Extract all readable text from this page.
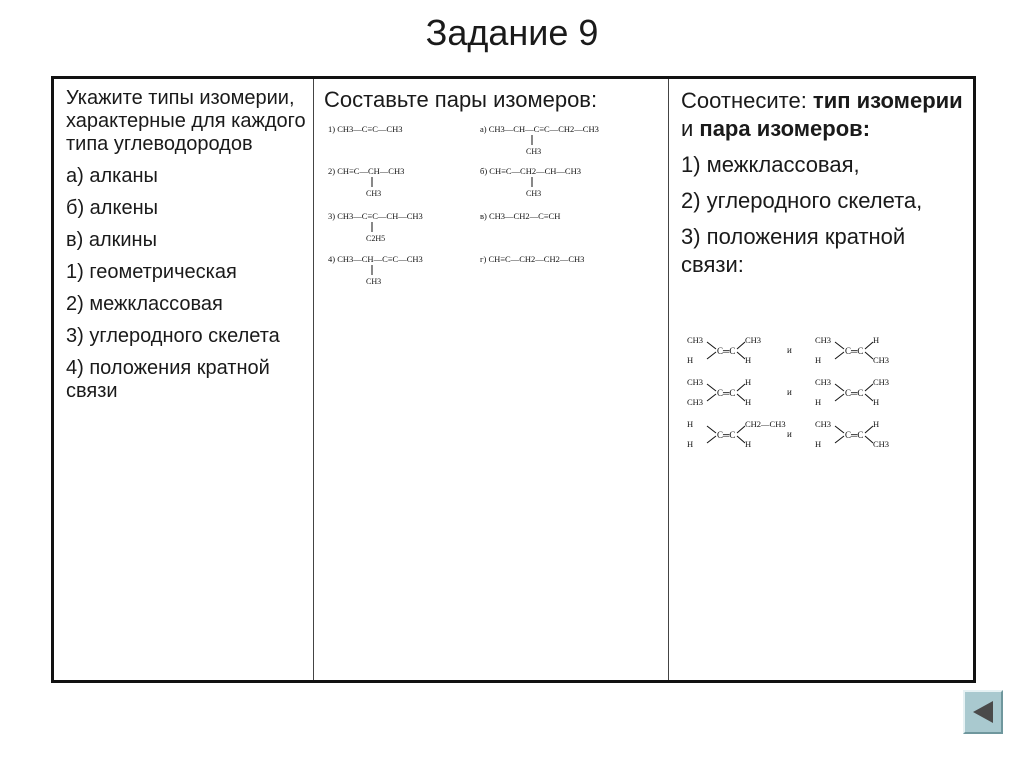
Задание 9
Укажите типы изомерии, характерные для каждого типа углеводородов
а) алканы
б) алкены
в) алкины
1) геометрическая
2) межклассовая
3) углеродного скелета
4) положения кратной связи
Составьте пары изомеров:
1) CH3—C≡C—CH3
2) CH≡C—CH—CH3
CH3
3) CH3—C≡C—CH—CH3
C2H5
4) CH3—CH—C≡C—CH3
CH3
а) CH3—CH—C≡C—CH2—CH3
CH3
б) CH≡C—CH2—CH—CH3
CH3
в) CH3—CH2—C≡CH
г) CH≡C—CH2—CH2—CH3
Соотнесите: тип изомерии и пара изомеров:
1) межклассовая,
2) углеродного скелета,
3) положения кратной связи:
CH3	CH3
H	H
C═C	и
CH3	H
H	CH3
C═C
CH3	H
CH3	H
C═C	и
CH3	CH3
H	H
C═C
H	CH2—CH3
H	H
C═C	и
CH3	H
H	CH3
C═C
